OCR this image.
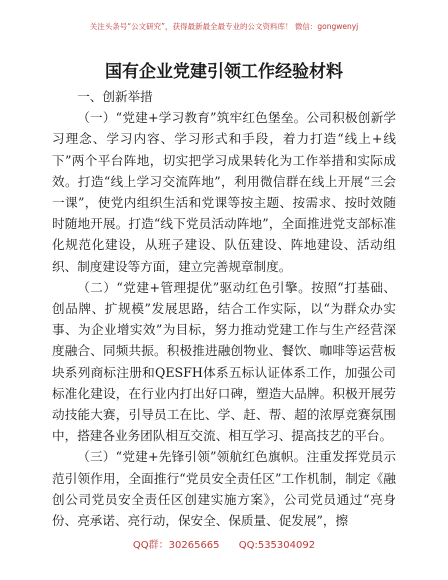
关注头条号“公文研究”，获得最新最全最专业的公文资料库！ 微信：gongwenyj
国有企业党建引领工作经验材料

一、创新举措

（一）“党建+学习教育”筑牢红色堡垒。公司积极创新学习理念、学习内容、学习形式和手段，着力打造“线上+线下”两个平台阵地，切实把学习成果转化为工作举措和实际成效。打造“线上学习交流阵地”，利用微信群在线上开展“三会一课”，使党内组织生活和党课等按主题、按需求、按时效随时随地开展。打造“线下党员活动阵地”，全面推进党支部标准化规范化建设，从班子建设、队伍建设、阵地建设、活动组织、制度建设等方面，建立完善规章制度。

（二）“党建+管理提优”驱动红色引擎。按照“打基础、创品牌、扩规模”发展思路，结合工作实际，以“为群众办实事、为企业增实效”为目标，努力推动党建工作与生产经营深度融合、同频共振。积极推进融创物业、餐饮、咖啡等运营板块系列商标注册和QESFH体系五标认证体系工作，加强公司标准化建设，在行业内打出好口碑，塑造大品牌。积极开展劳动技能大赛，引导员工在比、学、赶、帮、超的浓厚竞赛氛围中，搭建各业务团队相互交流、相互学习、提高技艺的平台。

（三）“党建+先锋引领”领航红色旗帜。注重发挥党员示范引领作用，全面推行“党员安全责任区”工作机制，制定《融创公司党员安全责任区创建实施方案》，公司党员通过“亮身份、亮承诺、亮行动，保安全、保质量、促发展”，擦

QQ群：30265665 QQ:535304092
